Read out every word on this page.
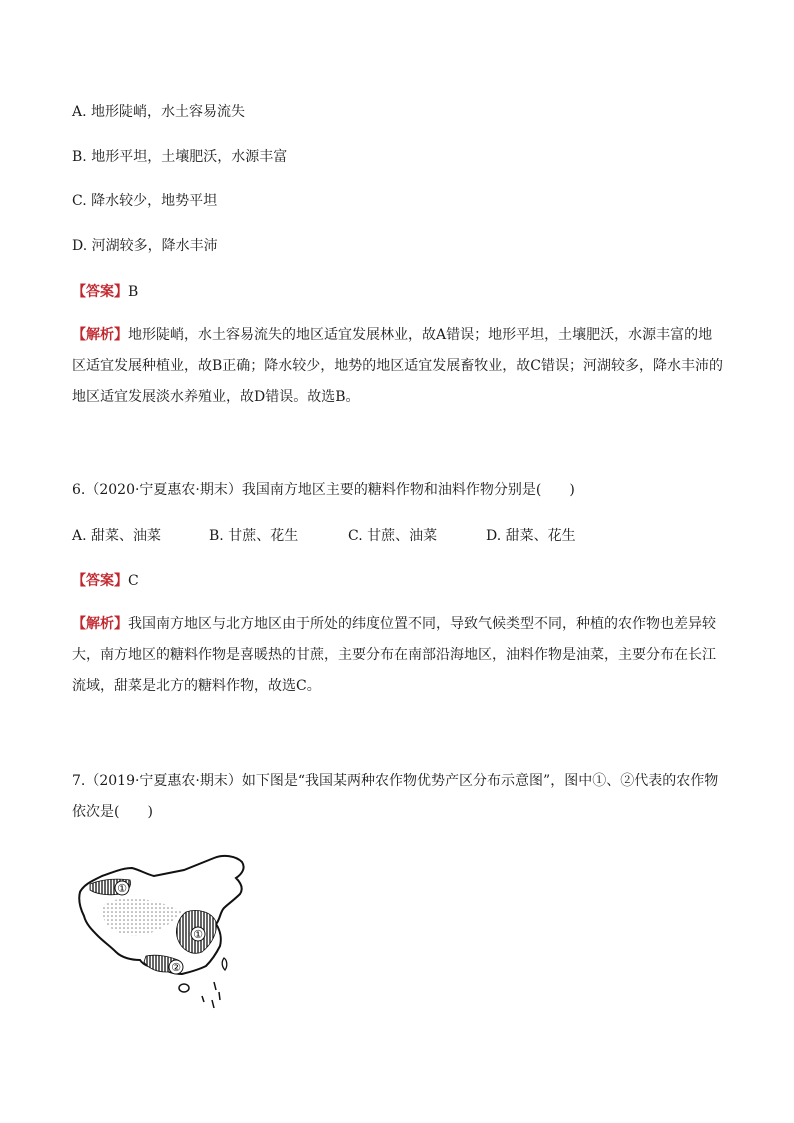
A. 地形陡峭，水土容易流失
B. 地形平坦，土壤肥沃，水源丰富
C. 降水较少，地势平坦
D. 河湖较多，降水丰沛
【答案】B
【解析】地形陡峭，水土容易流失的地区适宜发展林业，故A错误；地形平坦，土壤肥沃，水源丰富的地区适宜发展种植业，故B正确；降水较少，地势的地区适宜发展畜牧业，故C错误；河湖较多，降水丰沛的地区适宜发展淡水养殖业，故D错误。故选B。
6.（2020·宁夏惠农·期末）我国南方地区主要的糖料作物和油料作物分别是(　　)
A. 甜菜、油菜	B. 甘蔗、花生	C. 甘蔗、油菜	D. 甜菜、花生
【答案】C
【解析】我国南方地区与北方地区由于所处的纬度位置不同，导致气候类型不同，种植的农作物也差异较大，南方地区的糖料作物是喜暖热的甘蔗，主要分布在南部沿海地区，油料作物是油菜，主要分布在长江流域，甜菜是北方的糖料作物，故选C。
7.（2019·宁夏惠农·期末）如下图是“我国某两种农作物优势产区分布示意图”，图中①、②代表的农作物依次是(　　)
①
①
②
